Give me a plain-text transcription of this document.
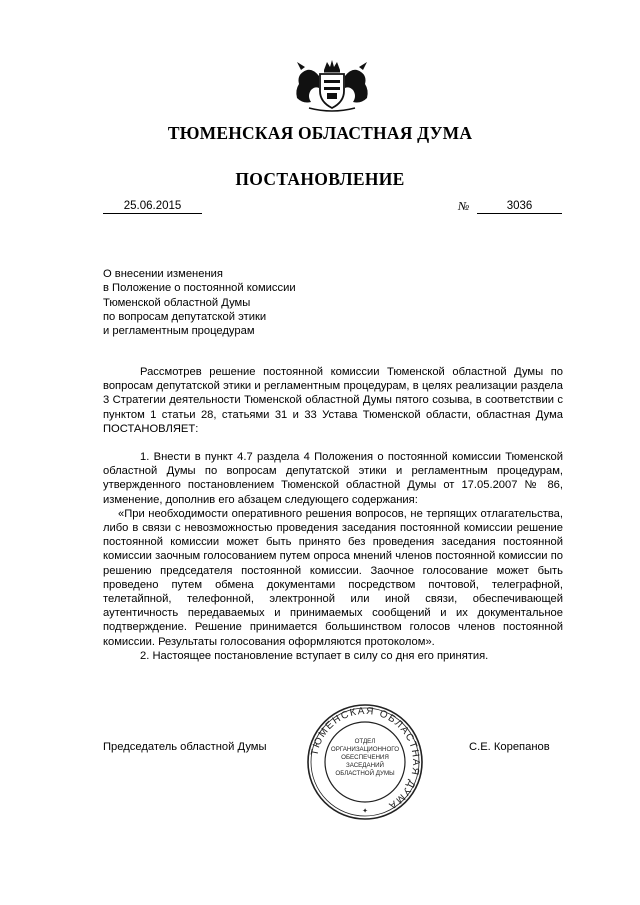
ТЮМЕНСКАЯ ОБЛАСТНАЯ ДУМА
ПОСТАНОВЛЕНИЕ
25.06.2015	№	3036
О внесении изменения
в Положение о постоянной комиссии
Тюменской областной Думы
по вопросам депутатской этики
и регламентным процедурам

Рассмотрев решение постоянной комиссии Тюменской областной Думы по вопросам депутатской этики и регламентным процедурам, в целях реализации раздела 3 Стратегии деятельности Тюменской областной Думы пятого созыва, в соответствии с пунктом 1 статьи 28, статьями 31 и 33 Устава Тюменской области, областная Дума ПОСТАНОВЛЯЕТ:

1. Внести в пункт 4.7 раздела 4 Положения о постоянной комиссии Тюменской областной Думы по вопросам депутатской этики и регламентным процедурам, утвержденного постановлением Тюменской областной Думы от 17.05.2007 № 86, изменение, дополнив его абзацем следующего содержания:

«При необходимости оперативного решения вопросов, не терпящих отлагательства, либо в связи с невозможностью проведения заседания постоянной комиссии решение постоянной комиссии может быть принято без проведения заседания постоянной комиссии заочным голосованием путем опроса мнений членов постоянной комиссии по решению председателя постоянной комиссии. Заочное голосование может быть проведено путем обмена документами посредством почтовой, телеграфной, телетайпной, телефонной, электронной или иной связи, обеспечивающей аутентичность передаваемых и принимаемых сообщений и их документальное подтверждение. Решение принимается большинством голосов членов постоянной комиссии. Результаты голосования оформляются протоколом».

2. Настоящее постановление вступает в силу со дня его принятия.

Председатель областной Думы	С.Е. Корепанов
ТЮМЕНСКАЯ ОБЛАСТНАЯ ДУМА
ОТДЕЛ
ОРГАНИЗАЦИОННОГО
ОБЕСПЕЧЕНИЯ
ЗАСЕДАНИЙ
ОБЛАСТНОЙ ДУМЫ
✦
